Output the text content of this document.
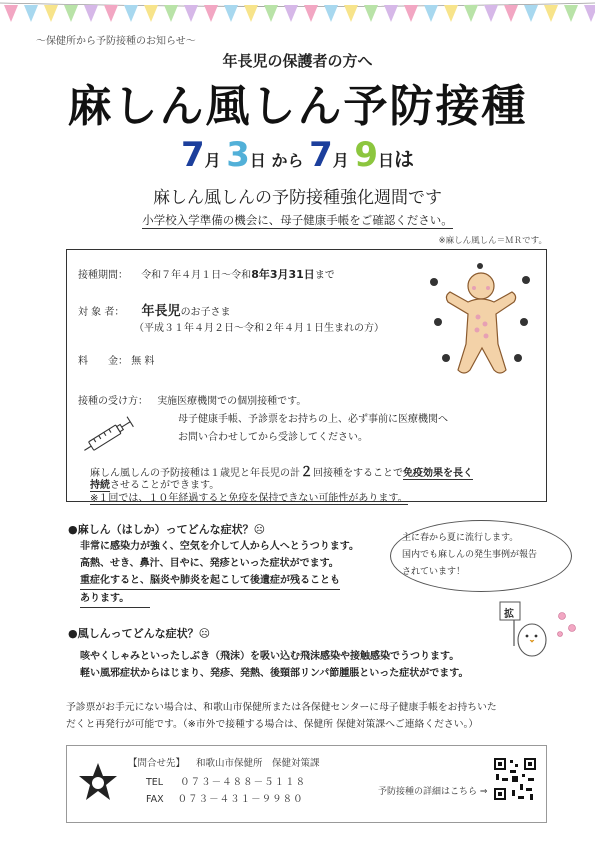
～保健所から予防接種のお知らせ～
年長児の保護者の方へ
麻しん風しん予防接種
7月 3日 から 7月 9日は
麻しん風しんの予防接種強化週間です
小学校入学準備の機会に、母子健康手帳をご確認ください。
※麻しん風しん＝ＭＲです。
接種期間： 令和７年４月１日～令和8年3月31日まで
対 象 者： 年長児のお子さま
（平成３１年４月２日～令和２年４月１日生まれの方）
料　　金： 無 料
接種の受け方： 実施医療機関での個別接種です。
母子健康手帳、予診票をお持ちの上、必ず事前に医療機関へ
お問い合わせしてから受診してください。
麻しん風しんの予防接種は１歳児と年長児の計２回接種をすることで免疫効果を長く
持続させることができます。
※１回では、１０年経過すると免疫を保持できない可能性があります。
●麻しん（はしか）ってどんな症状？☹
非常に感染力が強く、空気を介して人から人へとうつります。
高熱、せき、鼻汁、目やに、発疹といった症状がでます。
重症化すると、脳炎や肺炎を起こして後遺症が残ることも
あります。
主に春から夏に流行します。
国内でも麻しんの発生事例が報告
されています！
拡
●風しんってどんな症状？☹
咳やくしゃみといったしぶき（飛沫）を吸い込む飛沫感染や接触感染でうつります。
軽い風邪症状からはじまり、発疹、発熱、後頸部リンパ節腫脹といった症状がでます。
予診票がお手元にない場合は、和歌山市保健所または各保健センターに母子健康手帳をお持ちいた
だくと再発行が可能です。（※市外で接種する場合は、保健所 保健対策課へご連絡ください。）
【問合せ先】 和歌山市保健所　保健対策課
TEL ０７３－４８８－５１１８
FAX ０７３－４３１－９９８０
予防接種の詳細はこちら ⇒
